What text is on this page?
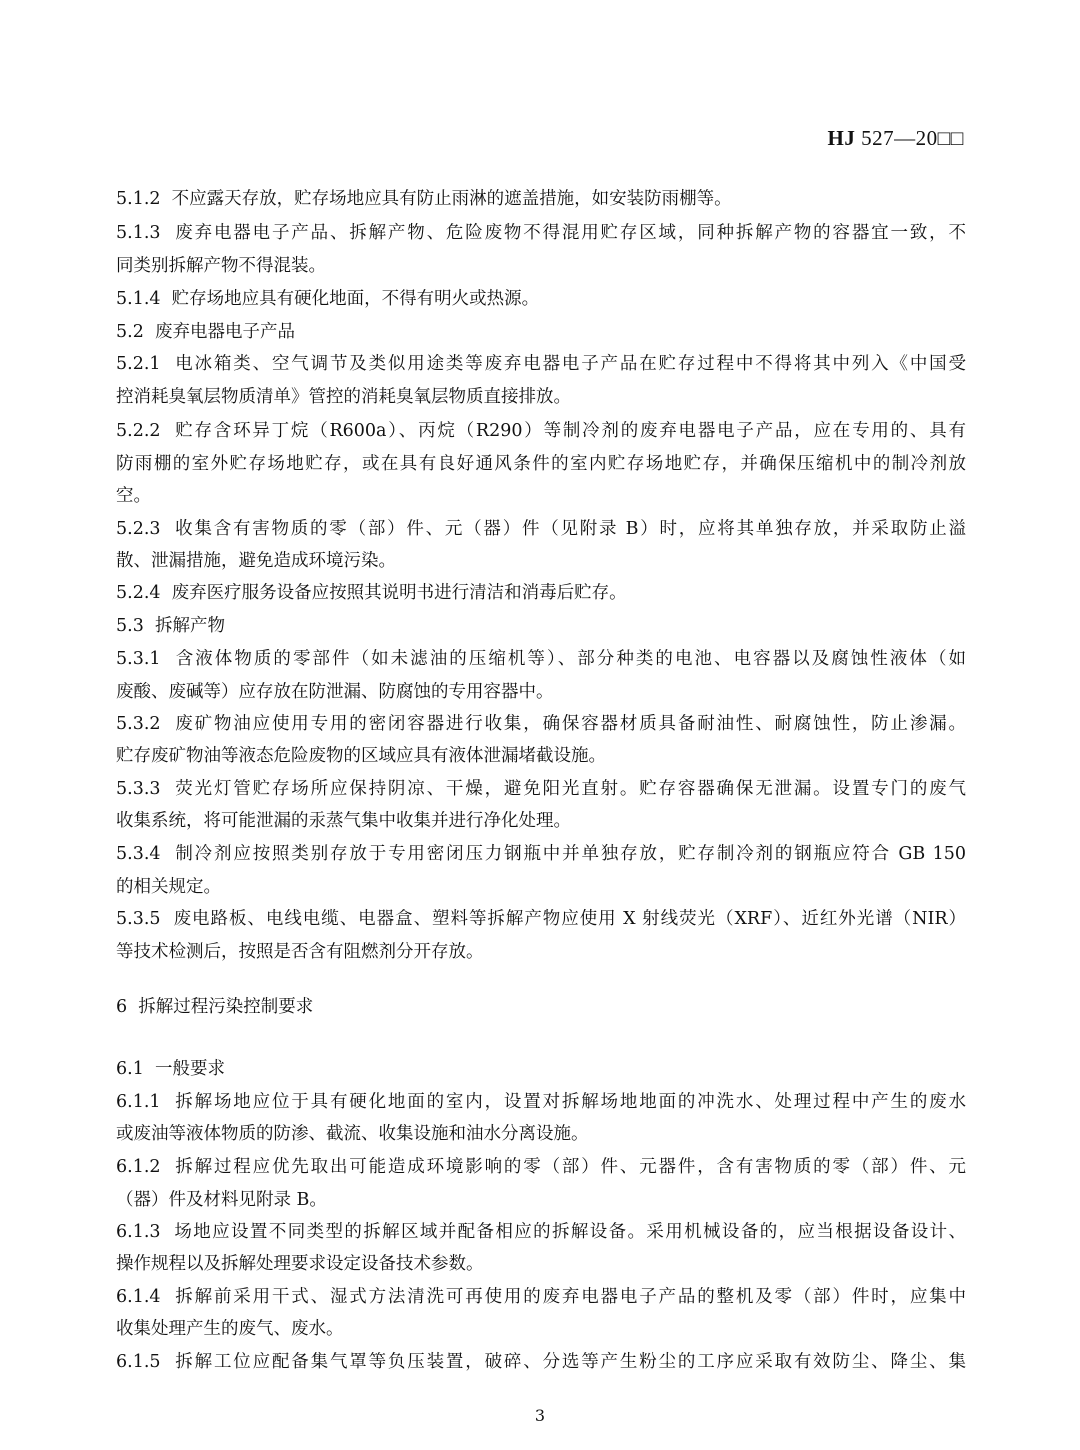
HJ 527—20□□
5.1.2  不应露天存放，贮存场地应具有防止雨淋的遮盖措施，如安装防雨棚等。
5.1.3  废弃电器电子产品、拆解产物、危险废物不得混用贮存区域，同种拆解产物的容器宜一致，不
同类别拆解产物不得混装。
5.1.4  贮存场地应具有硬化地面，不得有明火或热源。
5.2  废弃电器电子产品
5.2.1  电冰箱类、空气调节及类似用途类等废弃电器电子产品在贮存过程中不得将其中列入《中国受
控消耗臭氧层物质清单》管控的消耗臭氧层物质直接排放。
5.2.2  贮存含环异丁烷（R600a）、丙烷（R290）等制冷剂的废弃电器电子产品，应在专用的、具有
防雨棚的室外贮存场地贮存，或在具有良好通风条件的室内贮存场地贮存，并确保压缩机中的制冷剂放
空。
5.2.3  收集含有害物质的零（部）件、元（器）件（见附录 B）时，应将其单独存放，并采取防止溢
散、泄漏措施，避免造成环境污染。
5.2.4  废弃医疗服务设备应按照其说明书进行清洁和消毒后贮存。
5.3  拆解产物
5.3.1  含液体物质的零部件（如未滤油的压缩机等）、部分种类的电池、电容器以及腐蚀性液体（如
废酸、废碱等）应存放在防泄漏、防腐蚀的专用容器中。
5.3.2  废矿物油应使用专用的密闭容器进行收集，确保容器材质具备耐油性、耐腐蚀性，防止渗漏。
贮存废矿物油等液态危险废物的区域应具有液体泄漏堵截设施。
5.3.3  荧光灯管贮存场所应保持阴凉、干燥，避免阳光直射。贮存容器确保无泄漏。设置专门的废气
收集系统，将可能泄漏的汞蒸气集中收集并进行净化处理。
5.3.4  制冷剂应按照类别存放于专用密闭压力钢瓶中并单独存放，贮存制冷剂的钢瓶应符合 GB 150
的相关规定。
5.3.5  废电路板、电线电缆、电器盒、塑料等拆解产物应使用 X 射线荧光（XRF）、近红外光谱（NIR）
等技术检测后，按照是否含有阻燃剂分开存放。
6  拆解过程污染控制要求
6.1  一般要求
6.1.1  拆解场地应位于具有硬化地面的室内，设置对拆解场地地面的冲洗水、处理过程中产生的废水
或废油等液体物质的防渗、截流、收集设施和油水分离设施。
6.1.2  拆解过程应优先取出可能造成环境影响的零（部）件、元器件，含有害物质的零（部）件、元
（器）件及材料见附录 B。
6.1.3  场地应设置不同类型的拆解区域并配备相应的拆解设备。采用机械设备的，应当根据设备设计、
操作规程以及拆解处理要求设定设备技术参数。
6.1.4  拆解前采用干式、湿式方法清洗可再使用的废弃电器电子产品的整机及零（部）件时，应集中
收集处理产生的废气、废水。
6.1.5  拆解工位应配备集气罩等负压装置，破碎、分选等产生粉尘的工序应采取有效防尘、降尘、集
3
